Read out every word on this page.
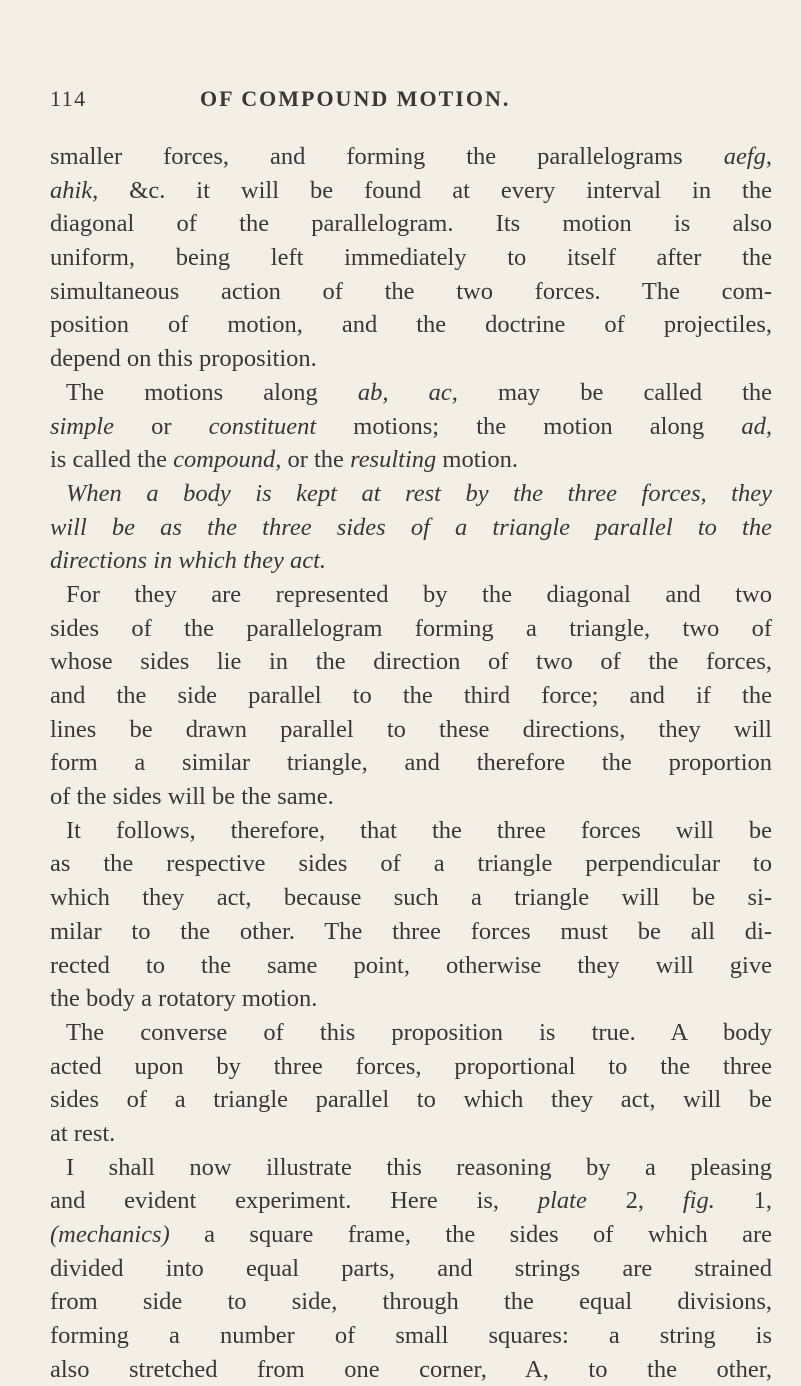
114	OF COMPOUND MOTION.
smaller forces, and forming the parallelograms aefg,
ahik, &c. it will be found at every interval in the
diagonal of the parallelogram. Its motion is also
uniform, being left immediately to itself after the
simultaneous action of the two forces. The com-
position of motion, and the doctrine of projectiles,
depend on this proposition.
The motions along ab, ac, may be called the
simple or constituent motions; the motion along ad,
is called the compound, or the resulting motion.
When a body is kept at rest by the three forces, they
will be as the three sides of a triangle parallel to the
directions in which they act.
For they are represented by the diagonal and two
sides of the parallelogram forming a triangle, two of
whose sides lie in the direction of two of the forces,
and the side parallel to the third force; and if the
lines be drawn parallel to these directions, they will
form a similar triangle, and therefore the proportion
of the sides will be the same.
It follows, therefore, that the three forces will be
as the respective sides of a triangle perpendicular to
which they act, because such a triangle will be si-
milar to the other. The three forces must be all di-
rected to the same point, otherwise they will give
the body a rotatory motion.
The converse of this proposition is true. A body
acted upon by three forces, proportional to the three
sides of a triangle parallel to which they act, will be
at rest.
I shall now illustrate this reasoning by a pleasing
and evident experiment. Here is, plate 2, fig. 1,
(mechanics) a square frame, the sides of which are
divided into equal parts, and strings are strained
from side to side, through the equal divisions,
forming a number of small squares: a string is
also stretched from one corner, A, to the other,
